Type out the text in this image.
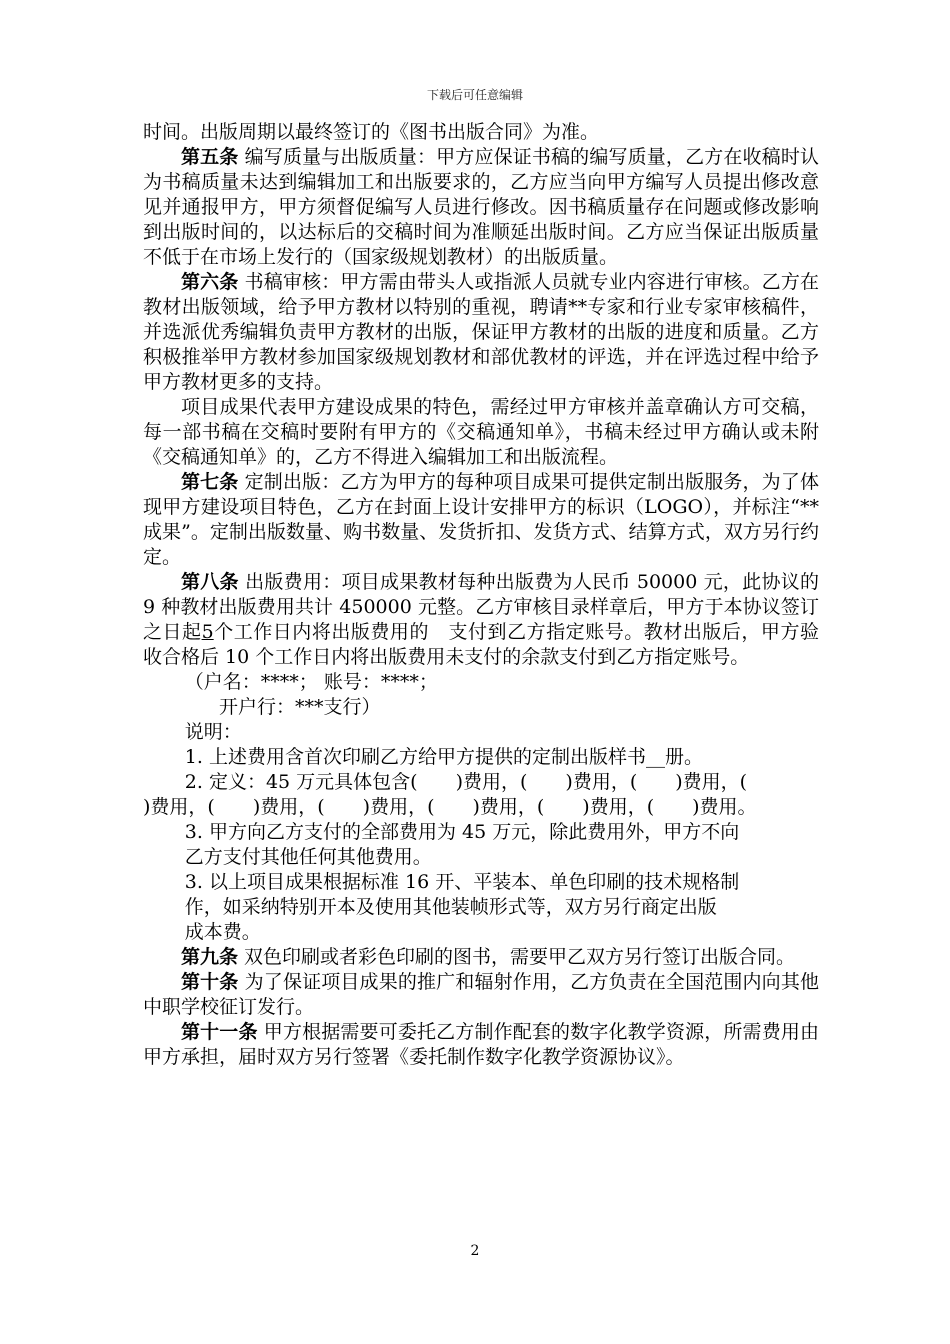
下载后可任意编辑

时间。出版周期以最终签订的《图书出版合同》为准。

第五条 编写质量与出版质量：甲方应保证书稿的编写质量，乙方在收稿时认为书稿质量未达到编辑加工和出版要求的，乙方应当向甲方编写人员提出修改意见并通报甲方，甲方须督促编写人员进行修改。因书稿质量存在问题或修改影响到出版时间的，以达标后的交稿时间为准顺延出版时间。乙方应当保证出版质量不低于在市场上发行的（国家级规划教材）的出版质量。

第六条 书稿审核：甲方需由带头人或指派人员就专业内容进行审核。乙方在教材出版领域，给予甲方教材以特别的重视，聘请**专家和行业专家审核稿件，并选派优秀编辑负责甲方教材的出版，保证甲方教材的出版的进度和质量。乙方积极推举甲方教材参加国家级规划教材和部优教材的评选，并在评选过程中给予甲方教材更多的支持。

项目成果代表甲方建设成果的特色，需经过甲方审核并盖章确认方可交稿，每一部书稿在交稿时要附有甲方的《交稿通知单》，书稿未经过甲方确认或未附《交稿通知单》的，乙方不得进入编辑加工和出版流程。

第七条 定制出版：乙方为甲方的每种项目成果可提供定制出版服务，为了体现甲方建设项目特色，乙方在封面上设计安排甲方的标识（LOGO），并标注“**成果”。定制出版数量、购书数量、发货折扣、发货方式、结算方式，双方另行约定。

第八条 出版费用：项目成果教材每种出版费为人民币 50000 元，此协议的 9 种教材出版费用共计 450000 元整。乙方审核目录样章后，甲方于本协议签订之日起5个工作日内将出版费用的　支付到乙方指定账号。教材出版后，甲方验收合格后 10 个工作日内将出版费用未支付的余款支付到乙方指定账号。

（户名：****； 账号：****；

开户行：***支行）

说明：

1. 上述费用含首次印刷乙方给甲方提供的定制出版样书__册。

2. 定义：45 万元具体包含(　　)费用，(　　)费用，(　　)费用，(

)费用，(　　)费用，(　　)费用，(　　)费用，(　　)费用，(　　)费用。

3. 甲方向乙方支付的全部费用为 45 万元，除此费用外，甲方不向

乙方支付其他任何其他费用。

3. 以上项目成果根据标准 16 开、平装本、单色印刷的技术规格制

作，如采纳特别开本及使用其他装帧形式等，双方另行商定出版

成本费。

第九条 双色印刷或者彩色印刷的图书，需要甲乙双方另行签订出版合同。

第十条 为了保证项目成果的推广和辐射作用，乙方负责在全国范围内向其他中职学校征订发行。

第十一条 甲方根据需要可委托乙方制作配套的数字化教学资源，所需费用由甲方承担，届时双方另行签署《委托制作数字化教学资源协议》。

2
